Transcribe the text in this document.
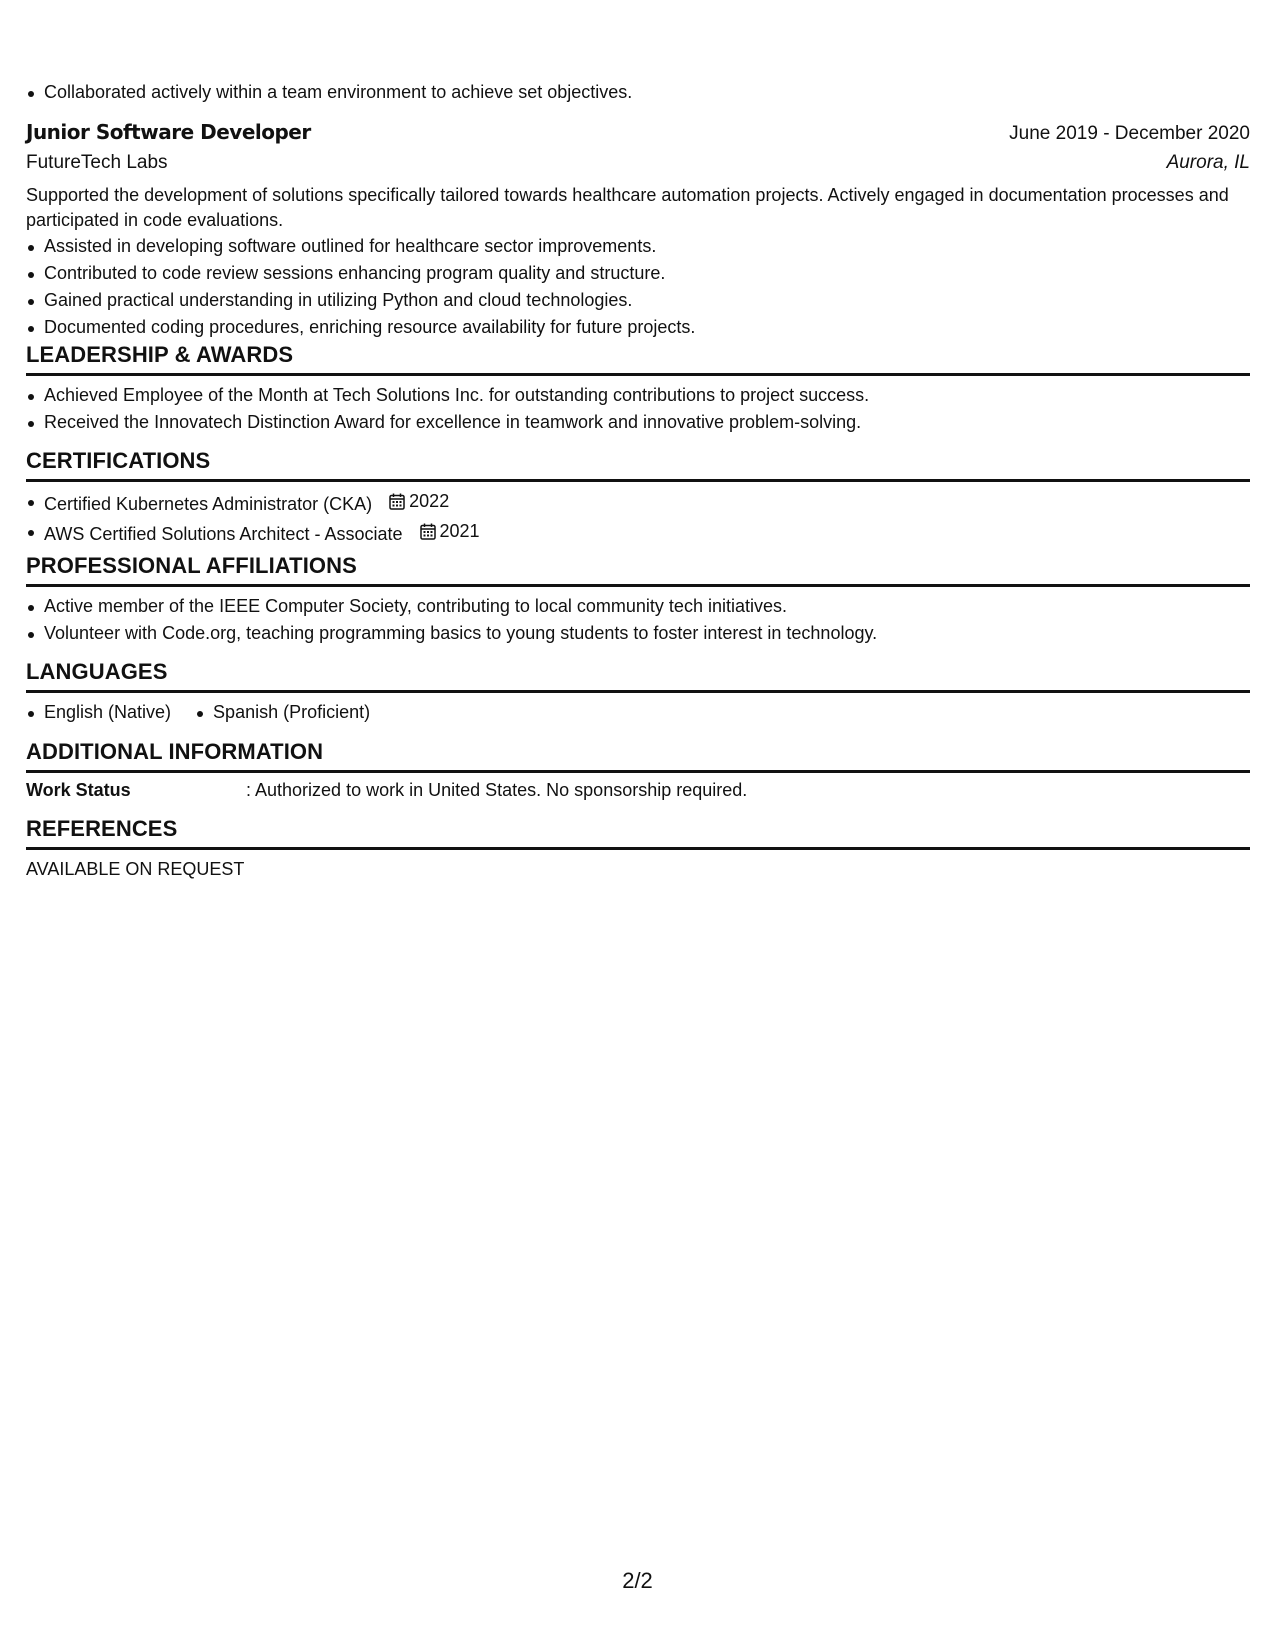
Collaborated actively within a team environment to achieve set objectives.
Junior Software Developer	June 2019 - December 2020
FutureTech Labs	Aurora, IL
Supported the development of solutions specifically tailored towards healthcare automation projects. Actively engaged in documentation processes and participated in code evaluations.
Assisted in developing software outlined for healthcare sector improvements.
Contributed to code review sessions enhancing program quality and structure.
Gained practical understanding in utilizing Python and cloud technologies.
Documented coding procedures, enriching resource availability for future projects.
LEADERSHIP & AWARDS
Achieved Employee of the Month at Tech Solutions Inc. for outstanding contributions to project success.
Received the Innovatech Distinction Award for excellence in teamwork and innovative problem-solving.
CERTIFICATIONS
Certified Kubernetes Administrator (CKA) 2022
AWS Certified Solutions Architect - Associate 2021
PROFESSIONAL AFFILIATIONS
Active member of the IEEE Computer Society, contributing to local community tech initiatives.
Volunteer with Code.org, teaching programming basics to young students to foster interest in technology.
LANGUAGES
English (Native)	Spanish (Proficient)
ADDITIONAL INFORMATION
Work Status	: Authorized to work in United States. No sponsorship required.
REFERENCES
AVAILABLE ON REQUEST
2/2
